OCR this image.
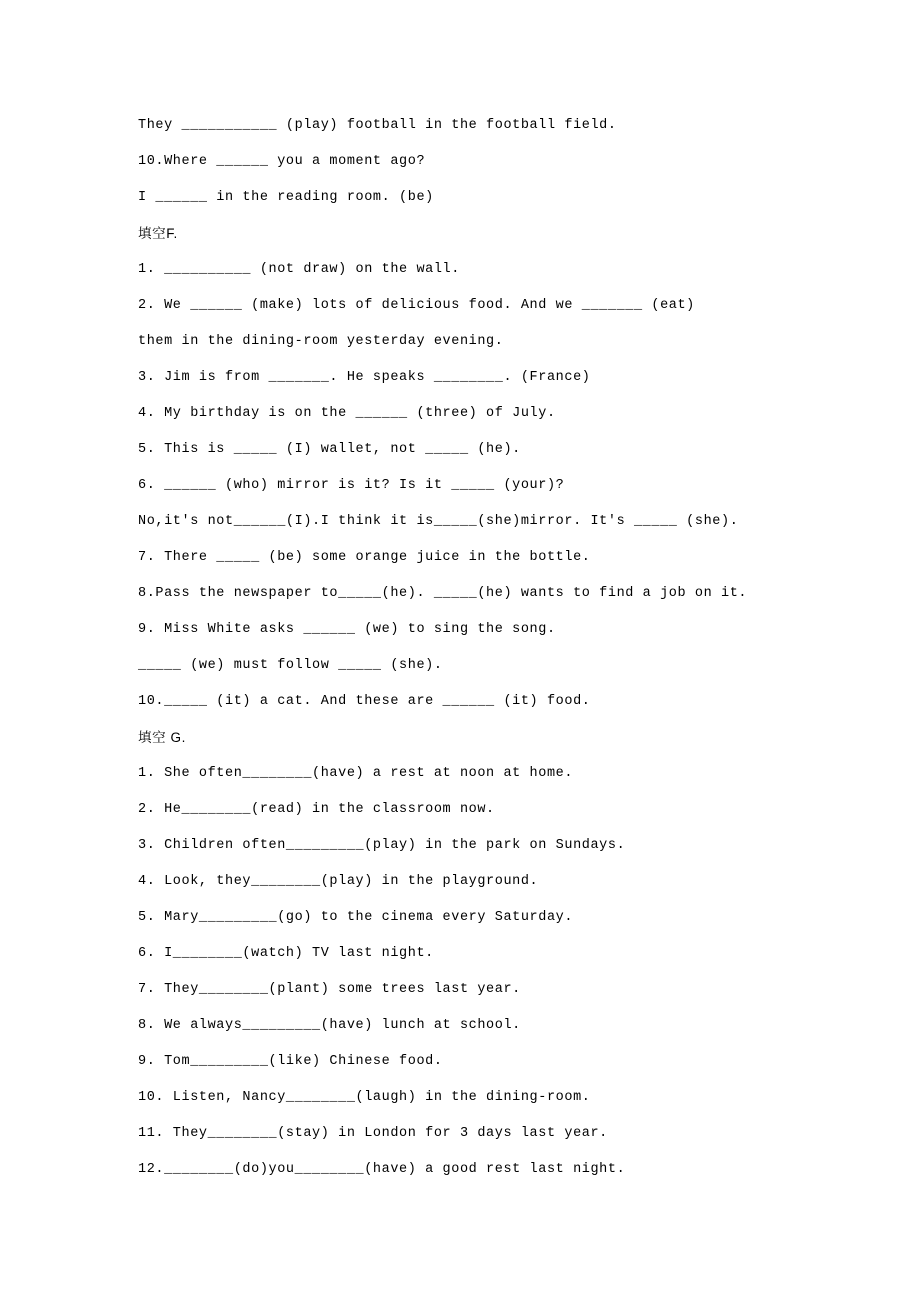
They ___________ (play) football in the football field.

10.Where ______ you a moment ago?

I ______ in the reading room. (be)

填空F.

1. __________ (not draw) on the wall.

2. We ______ (make) lots of delicious food. And we _______ (eat)

them in the dining-room yesterday evening.

3. Jim is from _______. He speaks ________. (France)

4. My birthday is on the ______ (three) of July.

5. This is _____ (I) wallet, not _____ (he).

6. ______ (who) mirror is it? Is it _____ (your)?

No,it's not______(I).I think it is_____(she)mirror. It's _____ (she).

7. There _____ (be) some orange juice in the bottle.

8.Pass the newspaper to_____(he). _____(he) wants to find a job on it.

9. Miss White asks ______ (we) to sing the song.

_____ (we) must follow _____ (she).

10._____ (it) a cat. And these are ______ (it) food.

填空 G.

1. She often________(have) a rest at noon at home.

2. He________(read) in the classroom now.

3. Children often_________(play) in the park on Sundays.

4. Look, they________(play) in the playground.

5. Mary_________(go) to the cinema every Saturday.

6. I________(watch) TV last night.

7. They________(plant) some trees last year.

8. We always_________(have) lunch at school.

9. Tom_________(like) Chinese food.

10. Listen, Nancy________(laugh) in the dining-room.

11. They________(stay) in London for 3 days last year.

12.________(do)you________(have) a good rest last night.
